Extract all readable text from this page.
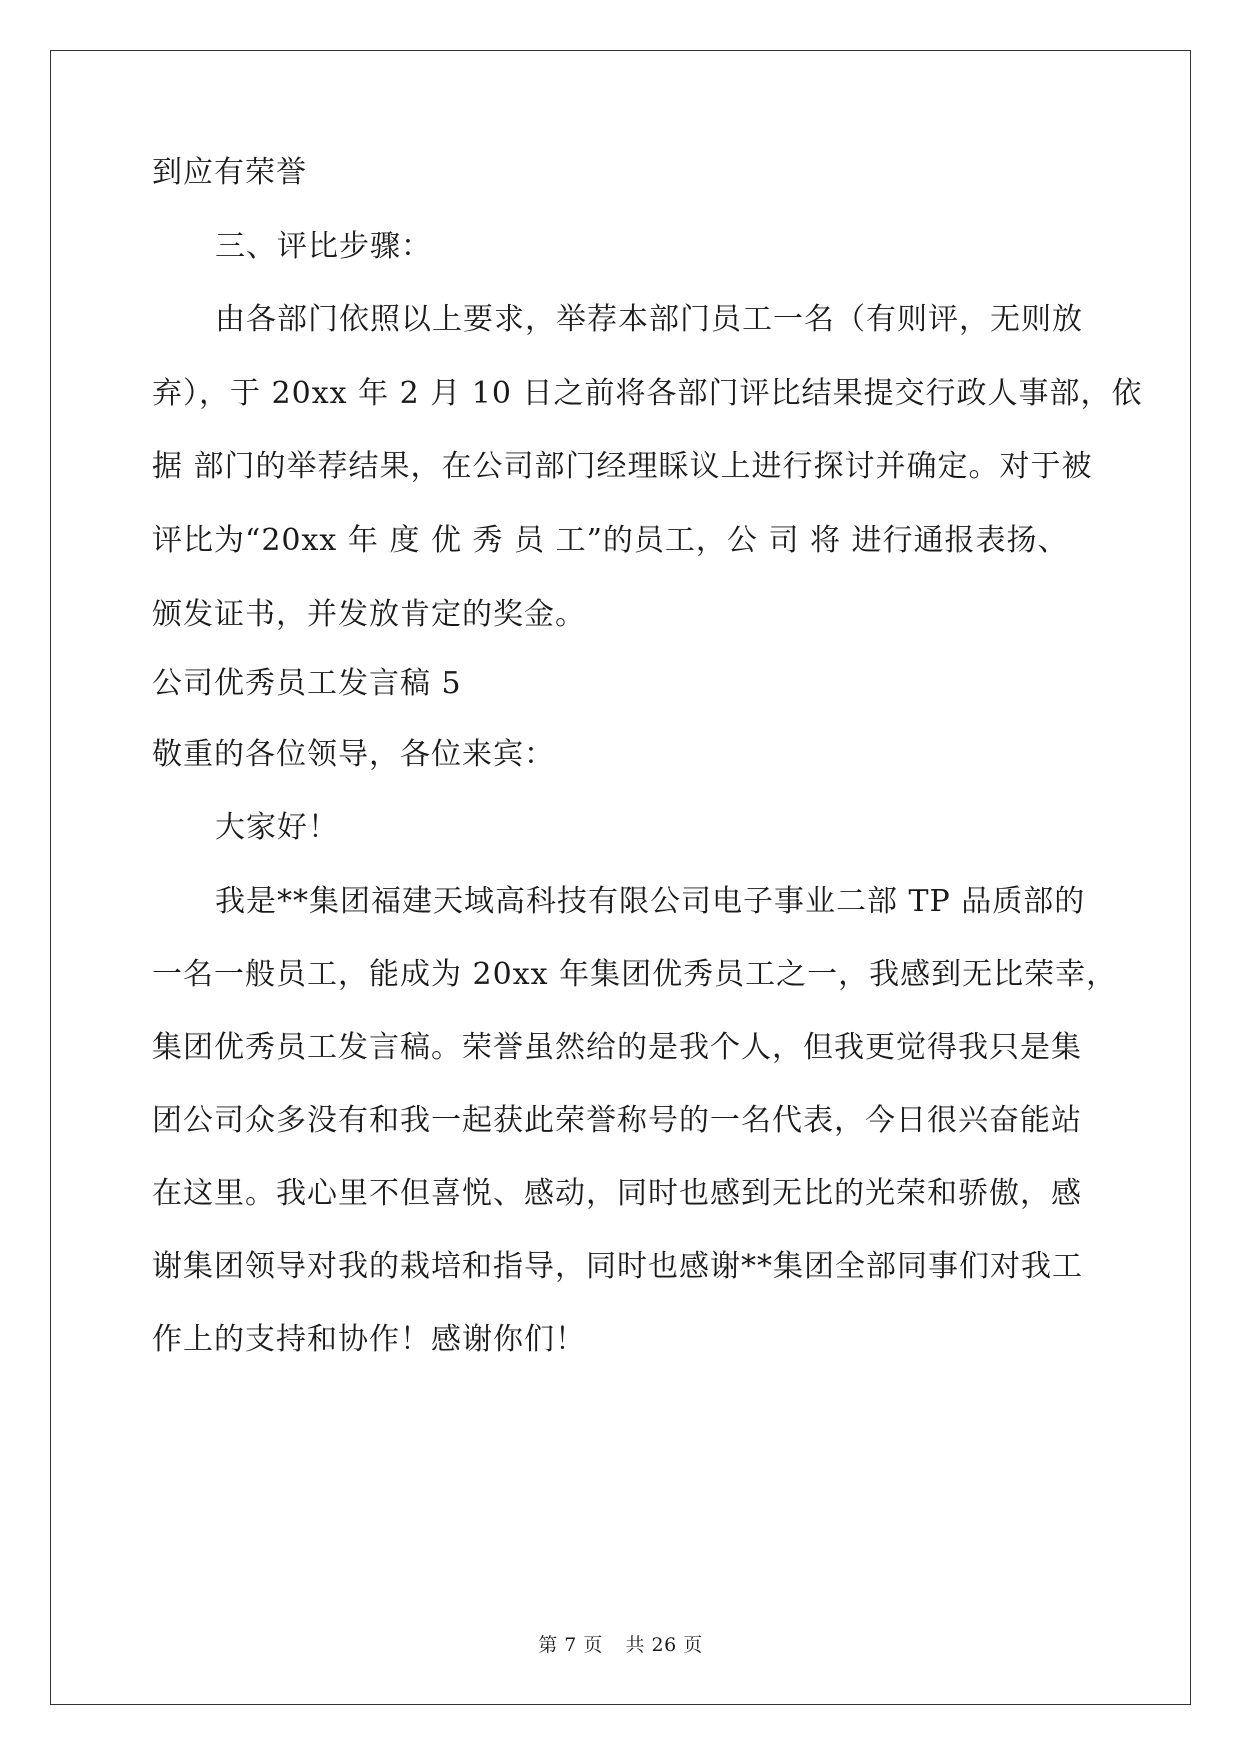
到应有荣誉
三、评比步骤：
由各部门依照以上要求，举荐本部门员工一名（有则评，无则放
弃），于 20xx 年 2 月 10 日之前将各部门评比结果提交行政人事部，依
据 部门的举荐结果，在公司部门经理睬议上进行探讨并确定。对于被
评比为“20xx 年 度 优 秀 员 工”的员工，公 司 将 进行通报表扬、
颁发证书，并发放肯定的奖金。
公司优秀员工发言稿 5
敬重的各位领导，各位来宾：
大家好！
我是**集团福建天域高科技有限公司电子事业二部 TP 品质部的
一名一般员工，能成为 20xx 年集团优秀员工之一，我感到无比荣幸，
集团优秀员工发言稿。荣誉虽然给的是我个人，但我更觉得我只是集
团公司众多没有和我一起获此荣誉称号的一名代表，今日很兴奋能站
在这里。我心里不但喜悦、感动，同时也感到无比的光荣和骄傲，感
谢集团领导对我的栽培和指导，同时也感谢**集团全部同事们对我工
作上的支持和协作！感谢你们！
第 7 页 共 26 页
